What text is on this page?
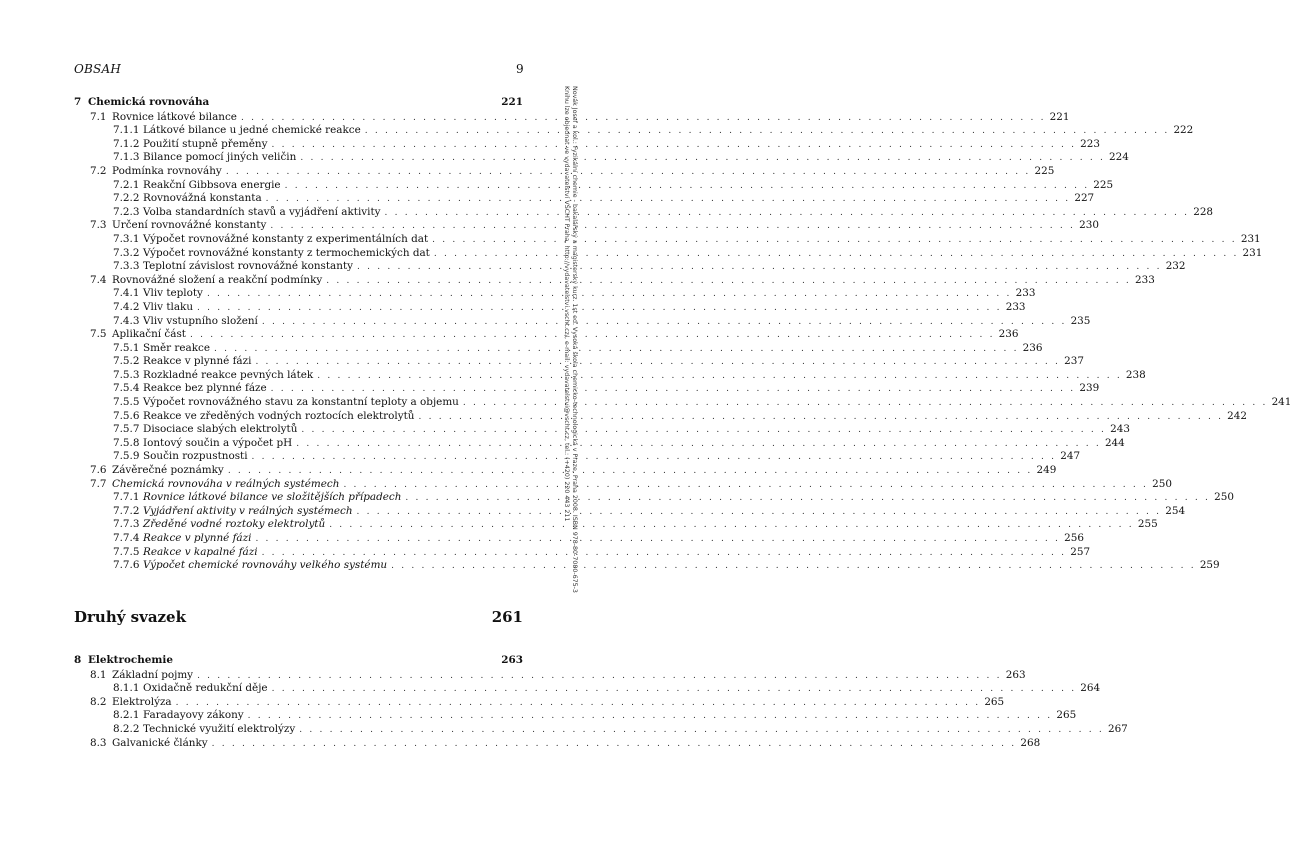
OBSAH	9
7 Chemická rovnováha	221
7.1 Rovnice látkové bilance . . . . . . . . . . . . . . . . . . . . . . . . . . . . . . . . . . . . . . . . . . . . . . . . . . . . . . . . . . . . . . . . . . . . . . . . . . . . . . . . 221
7.1.1 Látkové bilance u jedné chemické reakce . . . . . . . . . . . . . . . . . . . . . . . . . . . . . . . . . . . . . . . . . . . . . . . . . . . . . . . . . . . . . . . . . . . . . . . . . . . . . . . . 222
7.1.2 Použití stupně přeměny . . . . . . . . . . . . . . . . . . . . . . . . . . . . . . . . . . . . . . . . . . . . . . . . . . . . . . . . . . . . . . . . . . . . . . . . . . . . . . . . 223
7.1.3 Bilance pomocí jiných veličin . . . . . . . . . . . . . . . . . . . . . . . . . . . . . . . . . . . . . . . . . . . . . . . . . . . . . . . . . . . . . . . . . . . . . . . . . . . . . . . . 224
7.2 Podmínka rovnováhy . . . . . . . . . . . . . . . . . . . . . . . . . . . . . . . . . . . . . . . . . . . . . . . . . . . . . . . . . . . . . . . . . . . . . . . . . . . . . . . . 225
7.2.1 Reakční Gibbsova energie . . . . . . . . . . . . . . . . . . . . . . . . . . . . . . . . . . . . . . . . . . . . . . . . . . . . . . . . . . . . . . . . . . . . . . . . . . . . . . . . 225
7.2.2 Rovnovážná konstanta . . . . . . . . . . . . . . . . . . . . . . . . . . . . . . . . . . . . . . . . . . . . . . . . . . . . . . . . . . . . . . . . . . . . . . . . . . . . . . . . 227
7.2.3 Volba standardních stavů a vyjádření aktivity . . . . . . . . . . . . . . . . . . . . . . . . . . . . . . . . . . . . . . . . . . . . . . . . . . . . . . . . . . . . . . . . . . . . . . . . . . . . . . . . 228
7.3 Určení rovnovážné konstanty . . . . . . . . . . . . . . . . . . . . . . . . . . . . . . . . . . . . . . . . . . . . . . . . . . . . . . . . . . . . . . . . . . . . . . . . . . . . . . . . 230
7.3.1 Výpočet rovnovážné konstanty z experimentálních dat . . . . . . . . . . . . . . . . . . . . . . . . . . . . . . . . . . . . . . . . . . . . . . . . . . . . . . . . . . . . . . . . . . . . . . . . . . . . . . . . 231
7.3.2 Výpočet rovnovážné konstanty z termochemických dat . . . . . . . . . . . . . . . . . . . . . . . . . . . . . . . . . . . . . . . . . . . . . . . . . . . . . . . . . . . . . . . . . . . . . . . . . . . . . . . . 231
7.3.3 Teplotní závislost rovnovážné konstanty . . . . . . . . . . . . . . . . . . . . . . . . . . . . . . . . . . . . . . . . . . . . . . . . . . . . . . . . . . . . . . . . . . . . . . . . . . . . . . . . 232
7.4 Rovnovážné složení a reakční podmínky . . . . . . . . . . . . . . . . . . . . . . . . . . . . . . . . . . . . . . . . . . . . . . . . . . . . . . . . . . . . . . . . . . . . . . . . . . . . . . . . 233
7.4.1 Vliv teploty . . . . . . . . . . . . . . . . . . . . . . . . . . . . . . . . . . . . . . . . . . . . . . . . . . . . . . . . . . . . . . . . . . . . . . . . . . . . . . . . 233
7.4.2 Vliv tlaku . . . . . . . . . . . . . . . . . . . . . . . . . . . . . . . . . . . . . . . . . . . . . . . . . . . . . . . . . . . . . . . . . . . . . . . . . . . . . . . . 233
7.4.3 Vliv vstupního složení . . . . . . . . . . . . . . . . . . . . . . . . . . . . . . . . . . . . . . . . . . . . . . . . . . . . . . . . . . . . . . . . . . . . . . . . . . . . . . . . 235
7.5 Aplikační část . . . . . . . . . . . . . . . . . . . . . . . . . . . . . . . . . . . . . . . . . . . . . . . . . . . . . . . . . . . . . . . . . . . . . . . . . . . . . . . . 236
7.5.1 Směr reakce . . . . . . . . . . . . . . . . . . . . . . . . . . . . . . . . . . . . . . . . . . . . . . . . . . . . . . . . . . . . . . . . . . . . . . . . . . . . . . . . 236
7.5.2 Reakce v plynné fázi . . . . . . . . . . . . . . . . . . . . . . . . . . . . . . . . . . . . . . . . . . . . . . . . . . . . . . . . . . . . . . . . . . . . . . . . . . . . . . . . 237
7.5.3 Rozkladné reakce pevných látek . . . . . . . . . . . . . . . . . . . . . . . . . . . . . . . . . . . . . . . . . . . . . . . . . . . . . . . . . . . . . . . . . . . . . . . . . . . . . . . . 238
7.5.4 Reakce bez plynné fáze . . . . . . . . . . . . . . . . . . . . . . . . . . . . . . . . . . . . . . . . . . . . . . . . . . . . . . . . . . . . . . . . . . . . . . . . . . . . . . . . 239
7.5.5 Výpočet rovnovážného stavu za konstantní teploty a objemu . . . . . . . . . . . . . . . . . . . . . . . . . . . . . . . . . . . . . . . . . . . . . . . . . . . . . . . . . . . . . . . . . . . . . . . . . . . . . . . . 241
7.5.6 Reakce ve zředěných vodných roztocích elektrolytů . . . . . . . . . . . . . . . . . . . . . . . . . . . . . . . . . . . . . . . . . . . . . . . . . . . . . . . . . . . . . . . . . . . . . . . . . . . . . . . . 242
7.5.7 Disociace slabých elektrolytů . . . . . . . . . . . . . . . . . . . . . . . . . . . . . . . . . . . . . . . . . . . . . . . . . . . . . . . . . . . . . . . . . . . . . . . . . . . . . . . . 243
7.5.8 Iontový součin a výpočet pH . . . . . . . . . . . . . . . . . . . . . . . . . . . . . . . . . . . . . . . . . . . . . . . . . . . . . . . . . . . . . . . . . . . . . . . . . . . . . . . . 244
7.5.9 Součin rozpustnosti . . . . . . . . . . . . . . . . . . . . . . . . . . . . . . . . . . . . . . . . . . . . . . . . . . . . . . . . . . . . . . . . . . . . . . . . . . . . . . . . 247
7.6 Závěrečné poznámky . . . . . . . . . . . . . . . . . . . . . . . . . . . . . . . . . . . . . . . . . . . . . . . . . . . . . . . . . . . . . . . . . . . . . . . . . . . . . . . . 249
7.7 Chemická rovnováha v reálných systémech . . . . . . . . . . . . . . . . . . . . . . . . . . . . . . . . . . . . . . . . . . . . . . . . . . . . . . . . . . . . . . . . . . . . . . . . . . . . . . . . 250
7.7.1 Rovnice látkové bilance ve složitějších případech . . . . . . . . . . . . . . . . . . . . . . . . . . . . . . . . . . . . . . . . . . . . . . . . . . . . . . . . . . . . . . . . . . . . . . . . . . . . . . . . 250
7.7.2 Vyjádření aktivity v reálných systémech . . . . . . . . . . . . . . . . . . . . . . . . . . . . . . . . . . . . . . . . . . . . . . . . . . . . . . . . . . . . . . . . . . . . . . . . . . . . . . . . 254
7.7.3 Zředěné vodné roztoky elektrolytů . . . . . . . . . . . . . . . . . . . . . . . . . . . . . . . . . . . . . . . . . . . . . . . . . . . . . . . . . . . . . . . . . . . . . . . . . . . . . . . . 255
7.7.4 Reakce v plynné fázi . . . . . . . . . . . . . . . . . . . . . . . . . . . . . . . . . . . . . . . . . . . . . . . . . . . . . . . . . . . . . . . . . . . . . . . . . . . . . . . . 256
7.7.5 Reakce v kapalné fázi . . . . . . . . . . . . . . . . . . . . . . . . . . . . . . . . . . . . . . . . . . . . . . . . . . . . . . . . . . . . . . . . . . . . . . . . . . . . . . . . 257
7.7.6 Výpočet chemické rovnováhy velkého systému . . . . . . . . . . . . . . . . . . . . . . . . . . . . . . . . . . . . . . . . . . . . . . . . . . . . . . . . . . . . . . . . . . . . . . . . . . . . . . . . 259
Druhý svazek	261
8 Elektrochemie	263
8.1 Základní pojmy . . . . . . . . . . . . . . . . . . . . . . . . . . . . . . . . . . . . . . . . . . . . . . . . . . . . . . . . . . . . . . . . . . . . . . . . . . . . . . . . 263
8.1.1 Oxidačně redukční děje . . . . . . . . . . . . . . . . . . . . . . . . . . . . . . . . . . . . . . . . . . . . . . . . . . . . . . . . . . . . . . . . . . . . . . . . . . . . . . . . 264
8.2 Elektrolýza . . . . . . . . . . . . . . . . . . . . . . . . . . . . . . . . . . . . . . . . . . . . . . . . . . . . . . . . . . . . . . . . . . . . . . . . . . . . . . . . 265
8.2.1 Faradayovy zákony . . . . . . . . . . . . . . . . . . . . . . . . . . . . . . . . . . . . . . . . . . . . . . . . . . . . . . . . . . . . . . . . . . . . . . . . . . . . . . . . 265
8.2.2 Technické využití elektrolýzy . . . . . . . . . . . . . . . . . . . . . . . . . . . . . . . . . . . . . . . . . . . . . . . . . . . . . . . . . . . . . . . . . . . . . . . . . . . . . . . . 267
8.3 Galvanické články . . . . . . . . . . . . . . . . . . . . . . . . . . . . . . . . . . . . . . . . . . . . . . . . . . . . . . . . . . . . . . . . . . . . . . . . . . . . . . . . 268
Novák Josef a kol.: Fyzikální chemie - bakalářský a magisterský kurz. 1st ed. Vysoká škola chemicko-technologická v Praze, Praha 2008. ISBN 978-80-7080-675-3
Knihu lze objednat ve vydavatelství VŠCHT Praha, http://vydavatelstvi.vscht.cz/, e-mail: vydavatelstvi@vscht.cz, tel.: (+420) 220 443 211
